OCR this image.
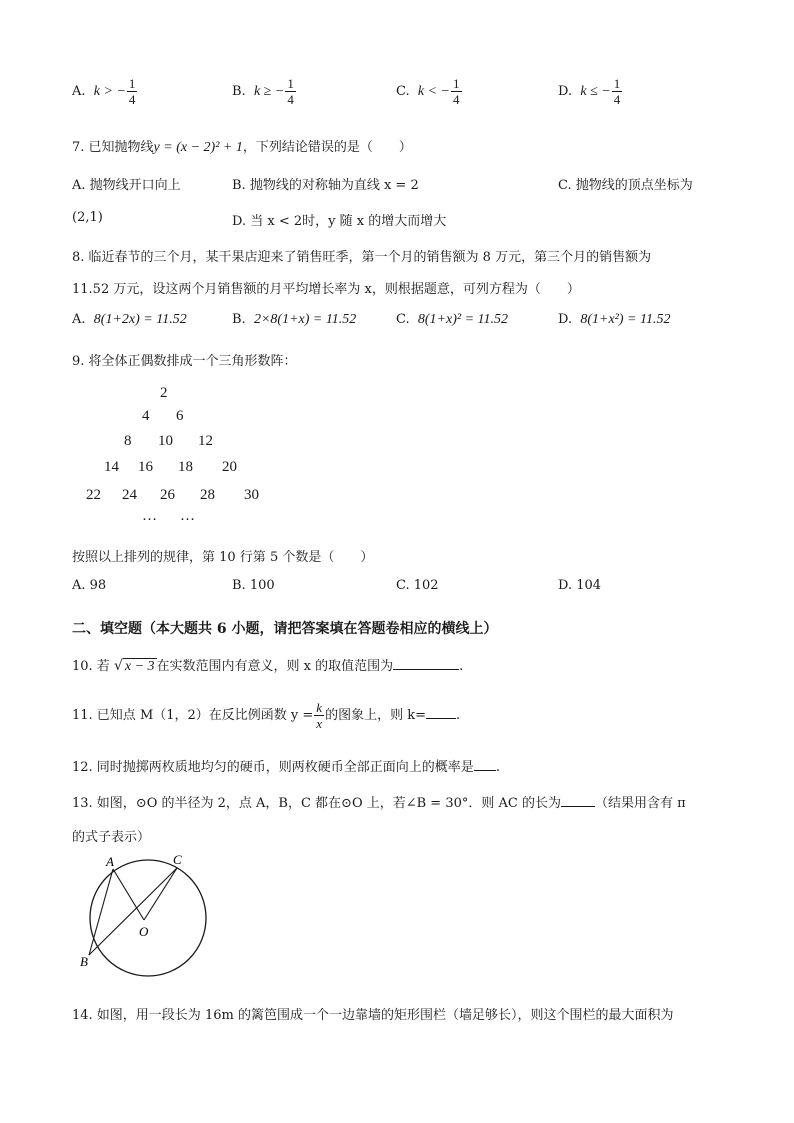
A. k > − $\frac{1}{4}$	B. k ≥ − $\frac{1}{4}$	C. k < − $\frac{1}{4}$	D. k ≤ − $\frac{1}{4}$
7. 已知抛物线y = (x − 2)² + 1，下列结论错误的是（　　）
A. 抛物线开口向上	B. 抛物线的对称轴为直线 x = 2	C. 抛物线的顶点坐标为
(2,1)	D. 当 x < 2时，y 随 x 的增大而增大
8. 临近春节的三个月，某干果店迎来了销售旺季，第一个月的销售额为 8 万元，第三个月的销售额为
11.52 万元，设这两个月销售额的月平均增长率为 x，则根据题意，可列方程为（　　）
A. 8(1+2x) = 11.52	B. 2×8(1+x) = 11.52	C. 8(1+x)² = 11.52	D. 8(1+x²) = 11.52
9. 将全体正偶数排成一个三角形数阵：
2
4 6
8 10 12
14 16 18 20
22 24 26 28 30
… …
按照以上排列的规律，第 10 行第 5 个数是（　　）
A. 98	B. 100	C. 102	D. 104
二、填空题（本大题共 6 小题，请把答案填在答题卷相应的横线上）
10. 若 √ x − 3 在实数范围内有意义，则 x 的取值范围为	.
11. 已知点 M（1，2）在反比例函数 $y = \frac{k}{x}$ 的图象上，则 k= .
12. 同时抛掷两枚质地均匀的硬币，则两枚硬币全部正面向上的概率是 .
13. 如图，⊙O 的半径为 2，点 A，B，C 都在⊙O 上，若∠B = 30°．则 AC 的长为	（结果用含有 π
的式子表示）
A	C
O
B
14. 如图，用一段长为 16m 的篱笆围成一个一边靠墙的矩形围栏（墙足够长），则这个围栏的最大面积为
